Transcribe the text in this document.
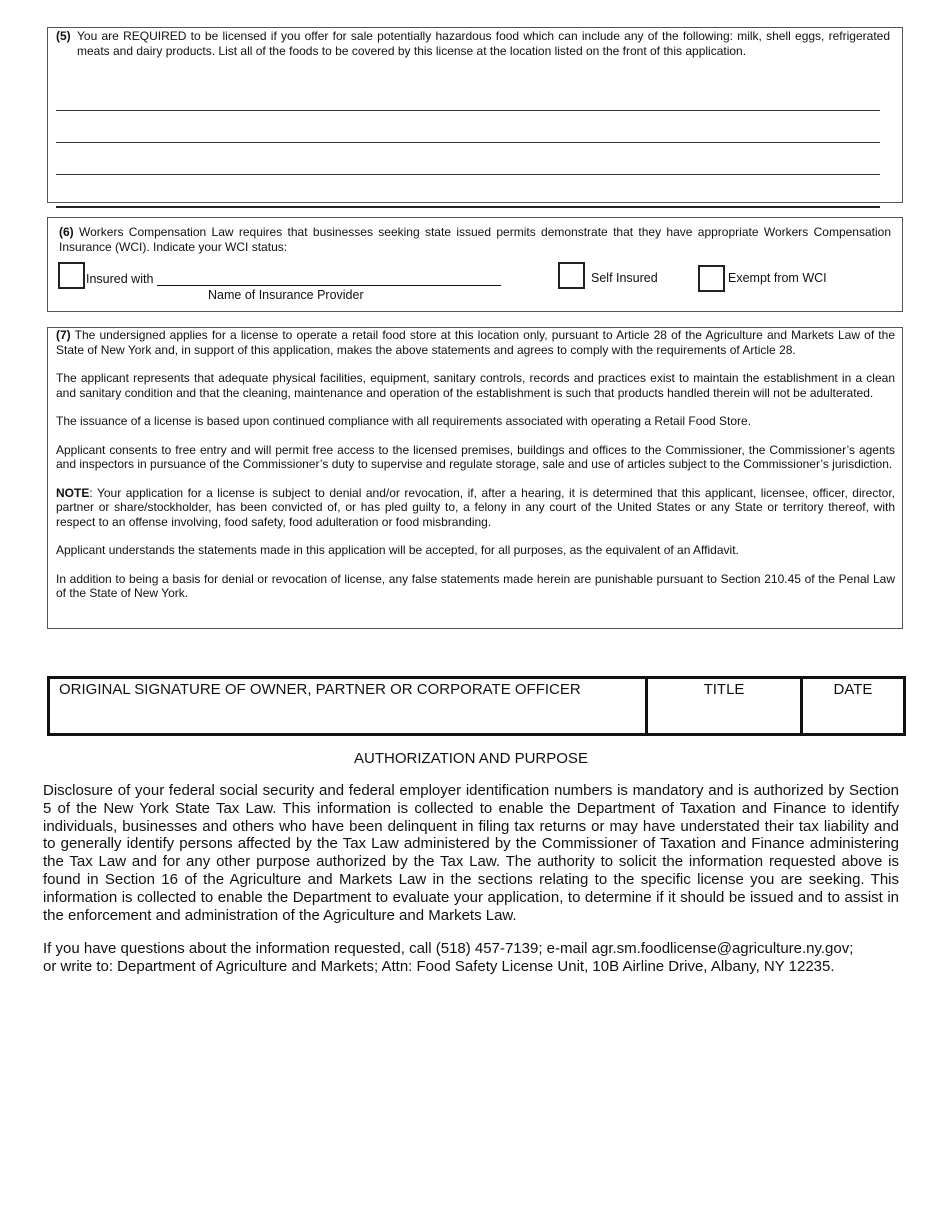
(5) You are REQUIRED to be licensed if you offer for sale potentially hazardous food which can include any of the following: milk, shell eggs, refrigerated meats and dairy products. List all of the foods to be covered by this license at the location listed on the front of this application.
(6) Workers Compensation Law requires that businesses seeking state issued permits demonstrate that they have appropriate Workers Compensation Insurance (WCI). Indicate your WCI status:
Insured with
Name of Insurance Provider
Self Insured	Exempt from WCI

(7) The undersigned applies for a license to operate a retail food store at this location only, pursuant to Article 28 of the Agriculture and Markets Law of the State of New York and, in support of this application, makes the above statements and agrees to comply with the requirements of Article 28.

The applicant represents that adequate physical facilities, equipment, sanitary controls, records and practices exist to maintain the establishment in a clean and sanitary condition and that the cleaning, maintenance and operation of the establishment is such that products handled therein will not be adulterated.

The issuance of a license is based upon continued compliance with all requirements associated with operating a Retail Food Store.

Applicant consents to free entry and will permit free access to the licensed premises, buildings and offices to the Commissioner, the Commissioner’s agents and inspectors in pursuance of the Commissioner’s duty to supervise and regulate storage, sale and use of articles subject to the Commissioner’s jurisdiction.

NOTE: Your application for a license is subject to denial and/or revocation, if, after a hearing, it is determined that this applicant, licensee, officer, director, partner or share/stockholder, has been convicted of, or has pled guilty to, a felony in any court of the United States or any State or territory thereof, with respect to an offense involving, food safety, food adulteration or food misbranding.

Applicant understands the statements made in this application will be accepted, for all purposes, as the equivalent of an Affidavit.

In addition to being a basis for denial or revocation of license, any false statements made herein are punishable pursuant to Section 210.45 of the Penal Law of the State of New York.

ORIGINAL SIGNATURE OF OWNER, PARTNER OR CORPORATE OFFICER	TITLE	DATE
AUTHORIZATION AND PURPOSE
Disclosure of your federal social security and federal employer identification numbers is mandatory and is authorized by Section 5 of the New York State Tax Law. This information is collected to enable the Department of Taxation and Finance to identify individuals, businesses and others who have been delinquent in filing tax returns or may have understated their tax liability and to generally identify persons affected by the Tax Law administered by the Commissioner of Taxation and Finance administering the Tax Law and for any other purpose authorized by the Tax Law. The authority to solicit the information requested above is found in Section 16 of the Agriculture and Markets Law in the sections relating to the specific license you are seeking. This information is collected to enable the Department to evaluate your application, to determine if it should be issued and to assist in the enforcement and administration of the Agriculture and Markets Law.
If you have questions about the information requested, call (518) 457-7139; e-mail agr.sm.foodlicense@agriculture.ny.gov;
or write to: Department of Agriculture and Markets; Attn: Food Safety License Unit, 10B Airline Drive, Albany, NY 12235.
